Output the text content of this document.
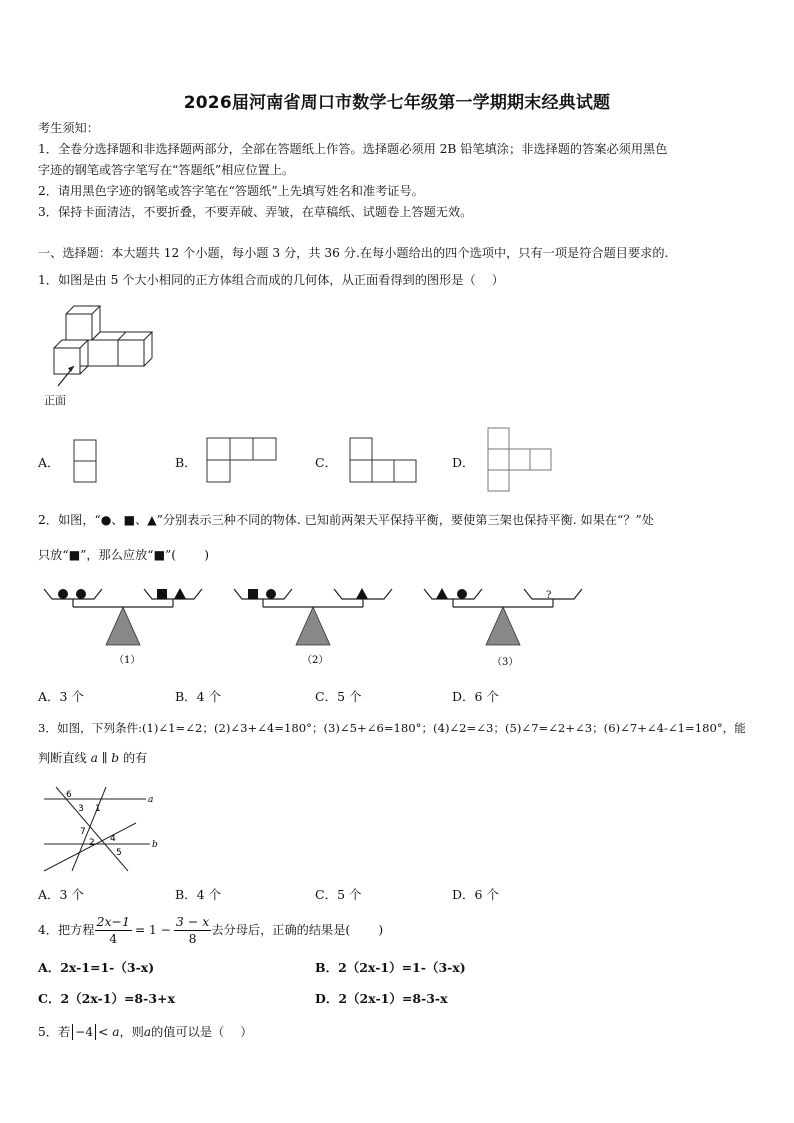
2026届河南省周口市数学七年级第一学期期末经典试题
考生须知：
1．全卷分选择题和非选择题两部分，全部在答题纸上作答。选择题必须用 2B 铅笔填涂；非选择题的答案必须用黑色
字迹的钢笔或答字笔写在“答题纸”相应位置上。
2．请用黑色字迹的钢笔或答字笔在“答题纸”上先填写姓名和准考证号。
3．保持卡面清洁，不要折叠，不要弄破、弄皱，在草稿纸、试题卷上答题无效。
一、选择题：本大题共 12 个小题，每小题 3 分，共 36 分.在每小题给出的四个选项中，只有一项是符合题目要求的.
1．如图是由 5 个大小相同的正方体组合而成的几何体，从正面看得到的图形是（　 ）
正面
A．	B．	C．	D．
2．如图，“●、■、▲”分别表示三种不同的物体. 已知前两架天平保持平衡，要使第三架也保持平衡. 如果在“？”处
只放“■”，那么应放“■”(　 　)
?
（1）	（2）	（3）
A．3 个	B．4 个	C．5 个	D．6 个
3．如图，下列条件:(1)∠1=∠2；(2)∠3+∠4=180°；(3)∠5+∠6=180°；(4)∠2=∠3；(5)∠7=∠2+∠3；(6)∠7+∠4-∠1=180°，能
判断直线 a ∥ b 的有
a
b
6
3 1
7
4
2
5
A．3 个	B．4 个	C．5 个	D．6 个
4．把方程 $\frac{2x-1}{4} = 1 - \frac{3 - x}{8}$ 去分母后，正确的结果是(　 　)
A．2x-1=1-（3-x)	B．2（2x-1）=1-（3-x)
C．2（2x-1）=8-3+x	D．2（2x-1）=8-3-x
5．若 −4 < a，则a的值可以是（　 ）
